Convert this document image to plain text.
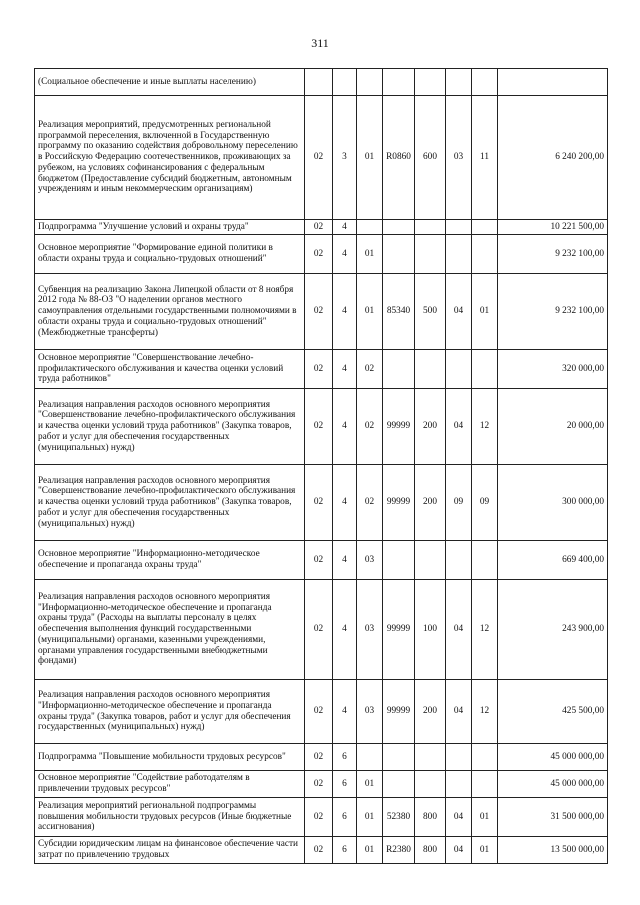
311
(Социальное обеспечение и иные выплаты населению)								
Реализация мероприятий, предусмотренных региональной программой переселения, включенной в Государственную программу по оказанию содействия добровольному переселению в Российскую Федерацию соотечественников, проживающих за рубежом, на условиях софинансирования с федеральным бюджетом (Предоставление субсидий бюджетным, автономным учреждениям и иным некоммерческим организациям)	02	3	01	R0860	600	03	11	6 240 200,00
Подпрограмма "Улучшение условий и охраны труда"	02	4						10 221 500,00
Основное мероприятие "Формирование единой политики в области охраны труда и социально-трудовых отношений"	02	4	01					9 232 100,00
Субвенция на реализацию Закона Липецкой области от 8 ноября 2012 года № 88-ОЗ "О наделении органов местного самоуправления отдельными государственными полномочиями в области охраны труда и социально-трудовых отношений" (Межбюджетные трансферты)	02	4	01	85340	500	04	01	9 232 100,00
Основное мероприятие "Совершенствование лечебно-профилактического обслуживания и качества оценки условий труда работников"	02	4	02					320 000,00
Реализация направления расходов основного мероприятия "Совершенствование лечебно-профилактического обслуживания и качества оценки условий труда работников" (Закупка товаров, работ и услуг для обеспечения государственных (муниципальных) нужд)	02	4	02	99999	200	04	12	20 000,00
Реализация направления расходов основного мероприятия "Совершенствование лечебно-профилактического обслуживания и качества оценки условий труда работников" (Закупка товаров, работ и услуг для обеспечения государственных (муниципальных) нужд)	02	4	02	99999	200	09	09	300 000,00
Основное мероприятие "Информационно-методическое обеспечение и пропаганда охраны труда"	02	4	03					669 400,00
Реализация направления расходов основного мероприятия "Информационно-методическое обеспечение и пропаганда охраны труда" (Расходы на выплаты персоналу в целях обеспечения выполнения функций государственными (муниципальными) органами, казенными учреждениями, органами управления государственными внебюджетными фондами)	02	4	03	99999	100	04	12	243 900,00
Реализация направления расходов основного мероприятия "Информационно-методическое обеспечение и пропаганда охраны труда" (Закупка товаров, работ и услуг для обеспечения государственных (муниципальных) нужд)	02	4	03	99999	200	04	12	425 500,00
Подпрограмма "Повышение мобильности трудовых ресурсов"	02	6						45 000 000,00
Основное мероприятие "Содействие работодателям в привлечении трудовых ресурсов"	02	6	01					45 000 000,00
Реализация мероприятий региональной подпрограммы повышения мобильности трудовых ресурсов (Иные бюджетные ассигнования)	02	6	01	52380	800	04	01	31 500 000,00
Субсидии юридическим лицам на финансовое обеспечение части затрат по привлечению трудовых	02	6	01	R2380	800	04	01	13 500 000,00
